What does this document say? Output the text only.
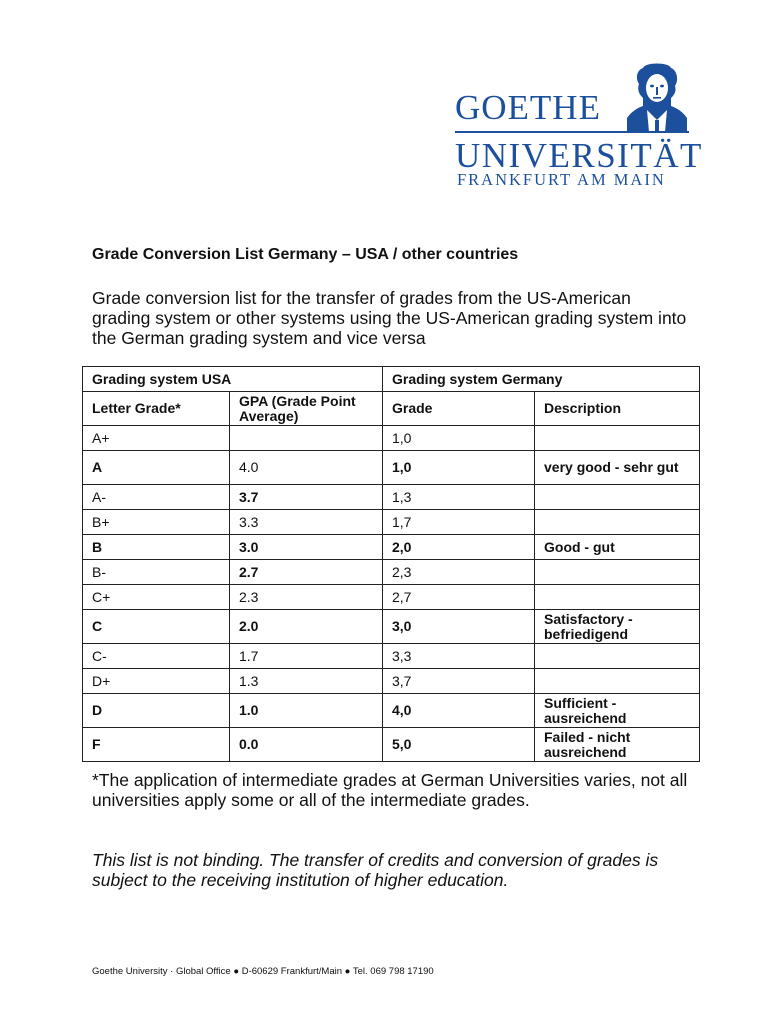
GOETHE
UNIVERSITÄT
FRANKFURT AM MAIN

Grade Conversion List Germany – USA / other countries

Grade conversion list for the transfer of grades from the US-American grading system or other systems using the US-American grading system into the German grading system and vice versa

Grading system USA		Grading system Germany	
Letter Grade*	GPA (Grade Point Average)	Grade	Description
A+		1,0	
A	4.0	1,0	very good - sehr gut
A-	3.7	1,3	
B+	3.3	1,7	
B	3.0	2,0	Good - gut
B-	2.7	2,3	
C+	2.3	2,7	
C	2.0	3,0	Satisfactory - befriedigend
C-	1.7	3,3	
D+	1.3	3,7	
D	1.0	4,0	Sufficient - ausreichend
F	0.0	5,0	Failed - nicht ausreichend

*The application of intermediate grades at German Universities varies, not all universities apply some or all of the intermediate grades.

This list is not binding. The transfer of credits and conversion of grades is subject to the receiving institution of higher education.

Goethe University · Global Office ● D-60629 Frankfurt/Main ● Tel. 069 798 17190
